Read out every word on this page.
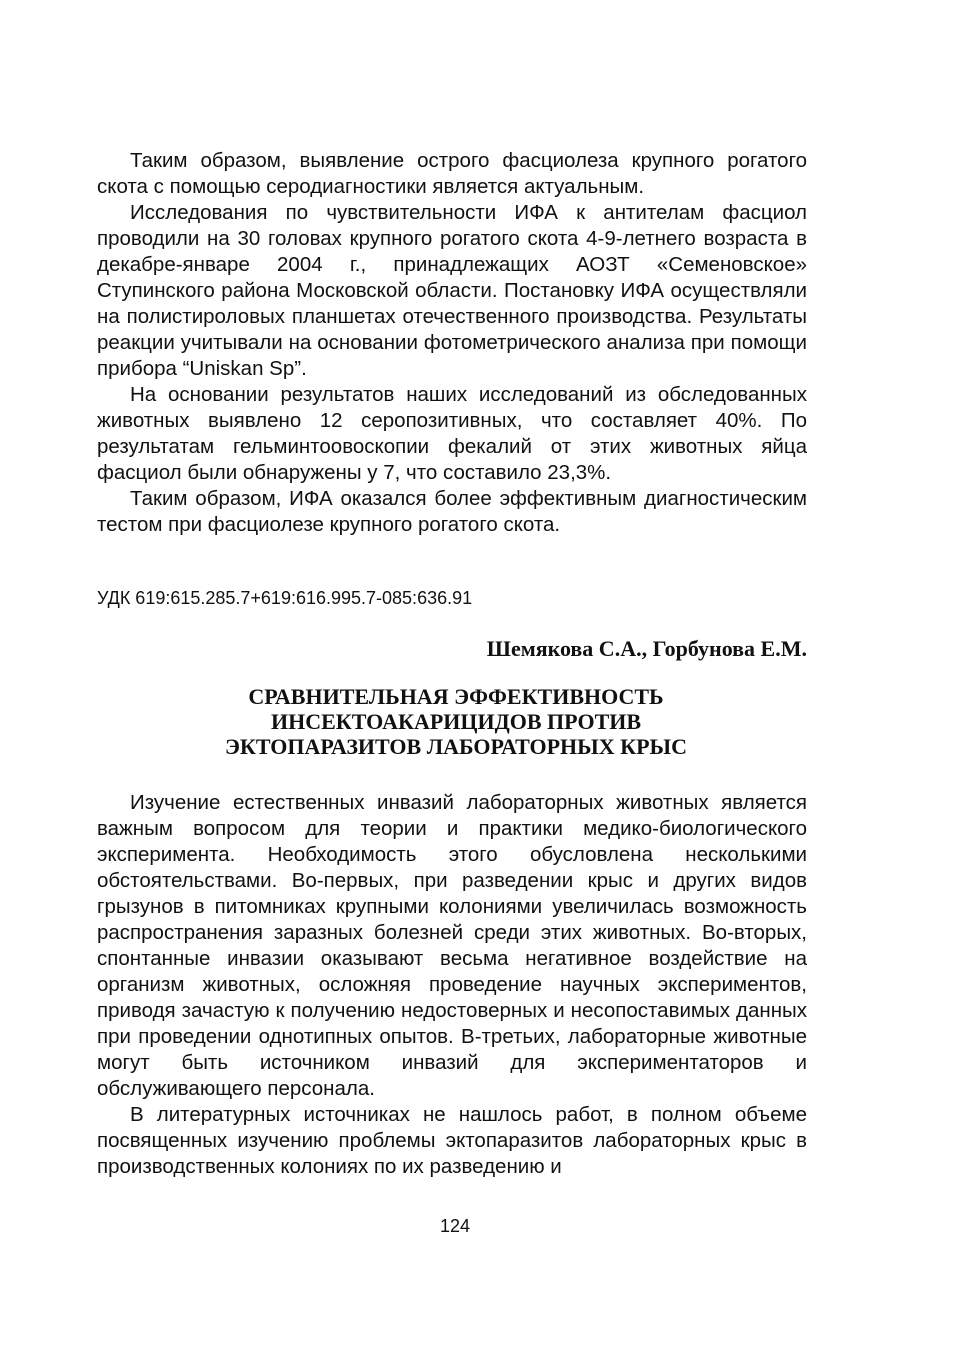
Таким образом, выявление острого фасциолеза крупного рогатого скота с помощью серодиагностики является актуальным.

Исследования по чувствительности ИФА к антителам фасциол проводили на 30 головах крупного рогатого скота 4-9-летнего возраста в декабре-январе 2004 г., принадлежащих АОЗТ «Семеновское» Ступинского района Московской области. Постановку ИФА осуществляли на полистироловых планшетах отечественного производства. Результаты реакции учитывали на основании фотометрического анализа при помощи прибора “Uniskan Sp”.

На основании результатов наших исследований из обследованных животных выявлено 12 серопозитивных, что составляет 40%. По результатам гельминтоовоскопии фекалий от этих животных яйца фасциол были обнаружены у 7, что составило 23,3%.

Таким образом, ИФА оказался более эффективным диагностическим тестом при фасциолезе крупного рогатого скота.

УДК 619:615.285.7+619:616.995.7-085:636.91
Шемякова С.А., Горбунова Е.М.
СРАВНИТЕЛЬНАЯ ЭФФЕКТИВНОСТЬ
ИНСЕКТОАКАРИЦИДОВ ПРОТИВ
ЭКТОПАРАЗИТОВ ЛАБОРАТОРНЫХ КРЫС

Изучение естественных инвазий лабораторных животных является важным вопросом для теории и практики медико-биологического эксперимента. Необходимость этого обусловлена несколькими обстоятельствами. Во-первых, при разведении крыс и других видов грызунов в питомниках крупными колониями увеличилась возможность распространения заразных болезней среди этих животных. Во-вторых, спонтанные инвазии оказывают весьма негативное воздействие на организм животных, осложняя проведение научных экспериментов, приводя зачастую к получению недостоверных и несопоставимых данных при проведении однотипных опытов. В-третьих, лабораторные животные могут быть источником инвазий для экспериментаторов и обслуживающего персонала.

В литературных источниках не нашлось работ, в полном объеме посвященных изучению проблемы эктопаразитов лабораторных крыс в производственных колониях по их разведению и

124
